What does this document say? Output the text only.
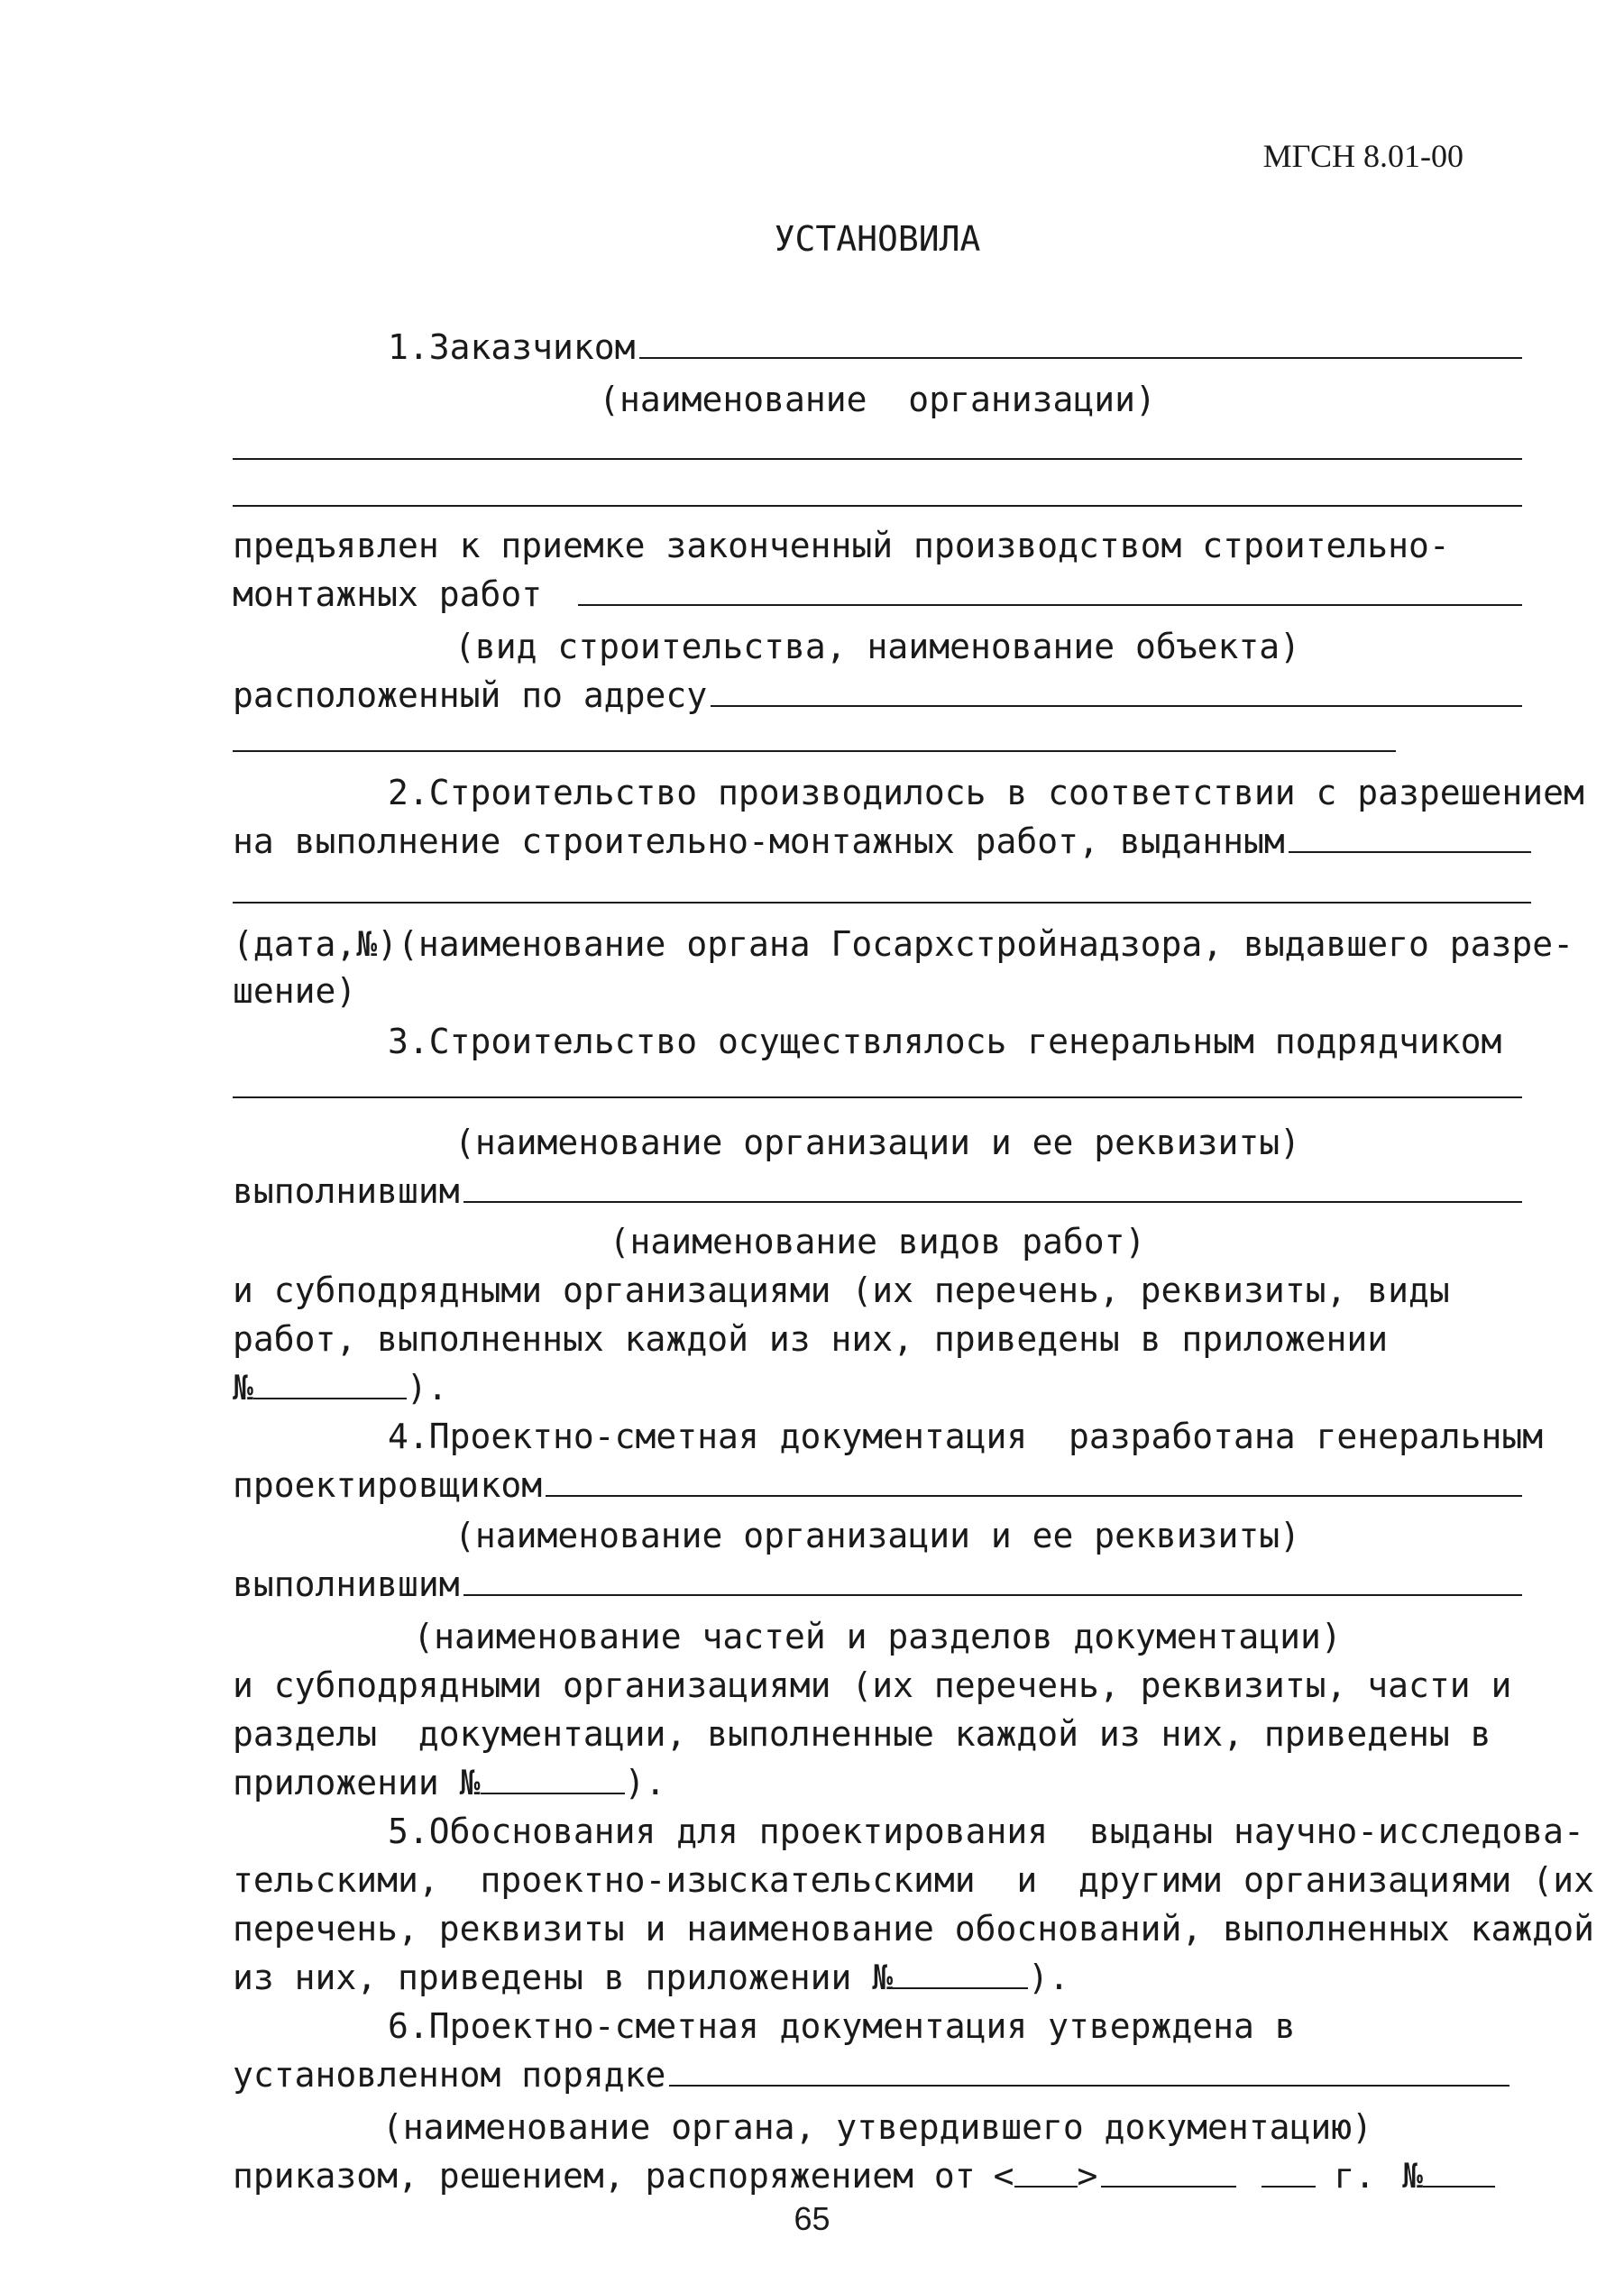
МГСН 8.01-00
УСТАНОВИЛА
1.Заказчиком
(наименование  организации)
предъявлен к приемке законченный производством строительно-
монтажных работ
(вид строительства, наименование объекта)
расположенный по адресу
2.Строительство производилось в соответствии с разрешением
на выполнение строительно-монтажных работ, выданным
(дата,№)(наименование органа Госархстройнадзора, выдавшего разре-
шение)
3.Строительство осуществлялось генеральным подрядчиком
(наименование организации и ее реквизиты)
выполнившим
(наименование видов работ)
и субподрядными организациями (их перечень, реквизиты, виды
работ, выполненных каждой из них, приведены в приложении
№	).
4.Проектно-сметная документация  разработана генеральным
проектировщиком
(наименование организации и ее реквизиты)
выполнившим
(наименование частей и разделов документации)
и субподрядными организациями (их перечень, реквизиты, части и
разделы  документации, выполненные каждой из них, приведены в
приложении №	).
5.Обоснования для проектирования  выданы научно-исследова-
тельскими,  проектно-изыскательскими  и  другими организациями (их
перечень, реквизиты и наименование обоснований, выполненных каждой
из них, приведены в приложении №	).
6.Проектно-сметная документация утверждена в
установленном порядке
(наименование органа, утвердившего документацию)
приказом, решением, распоряжением от < >	г. №
65
